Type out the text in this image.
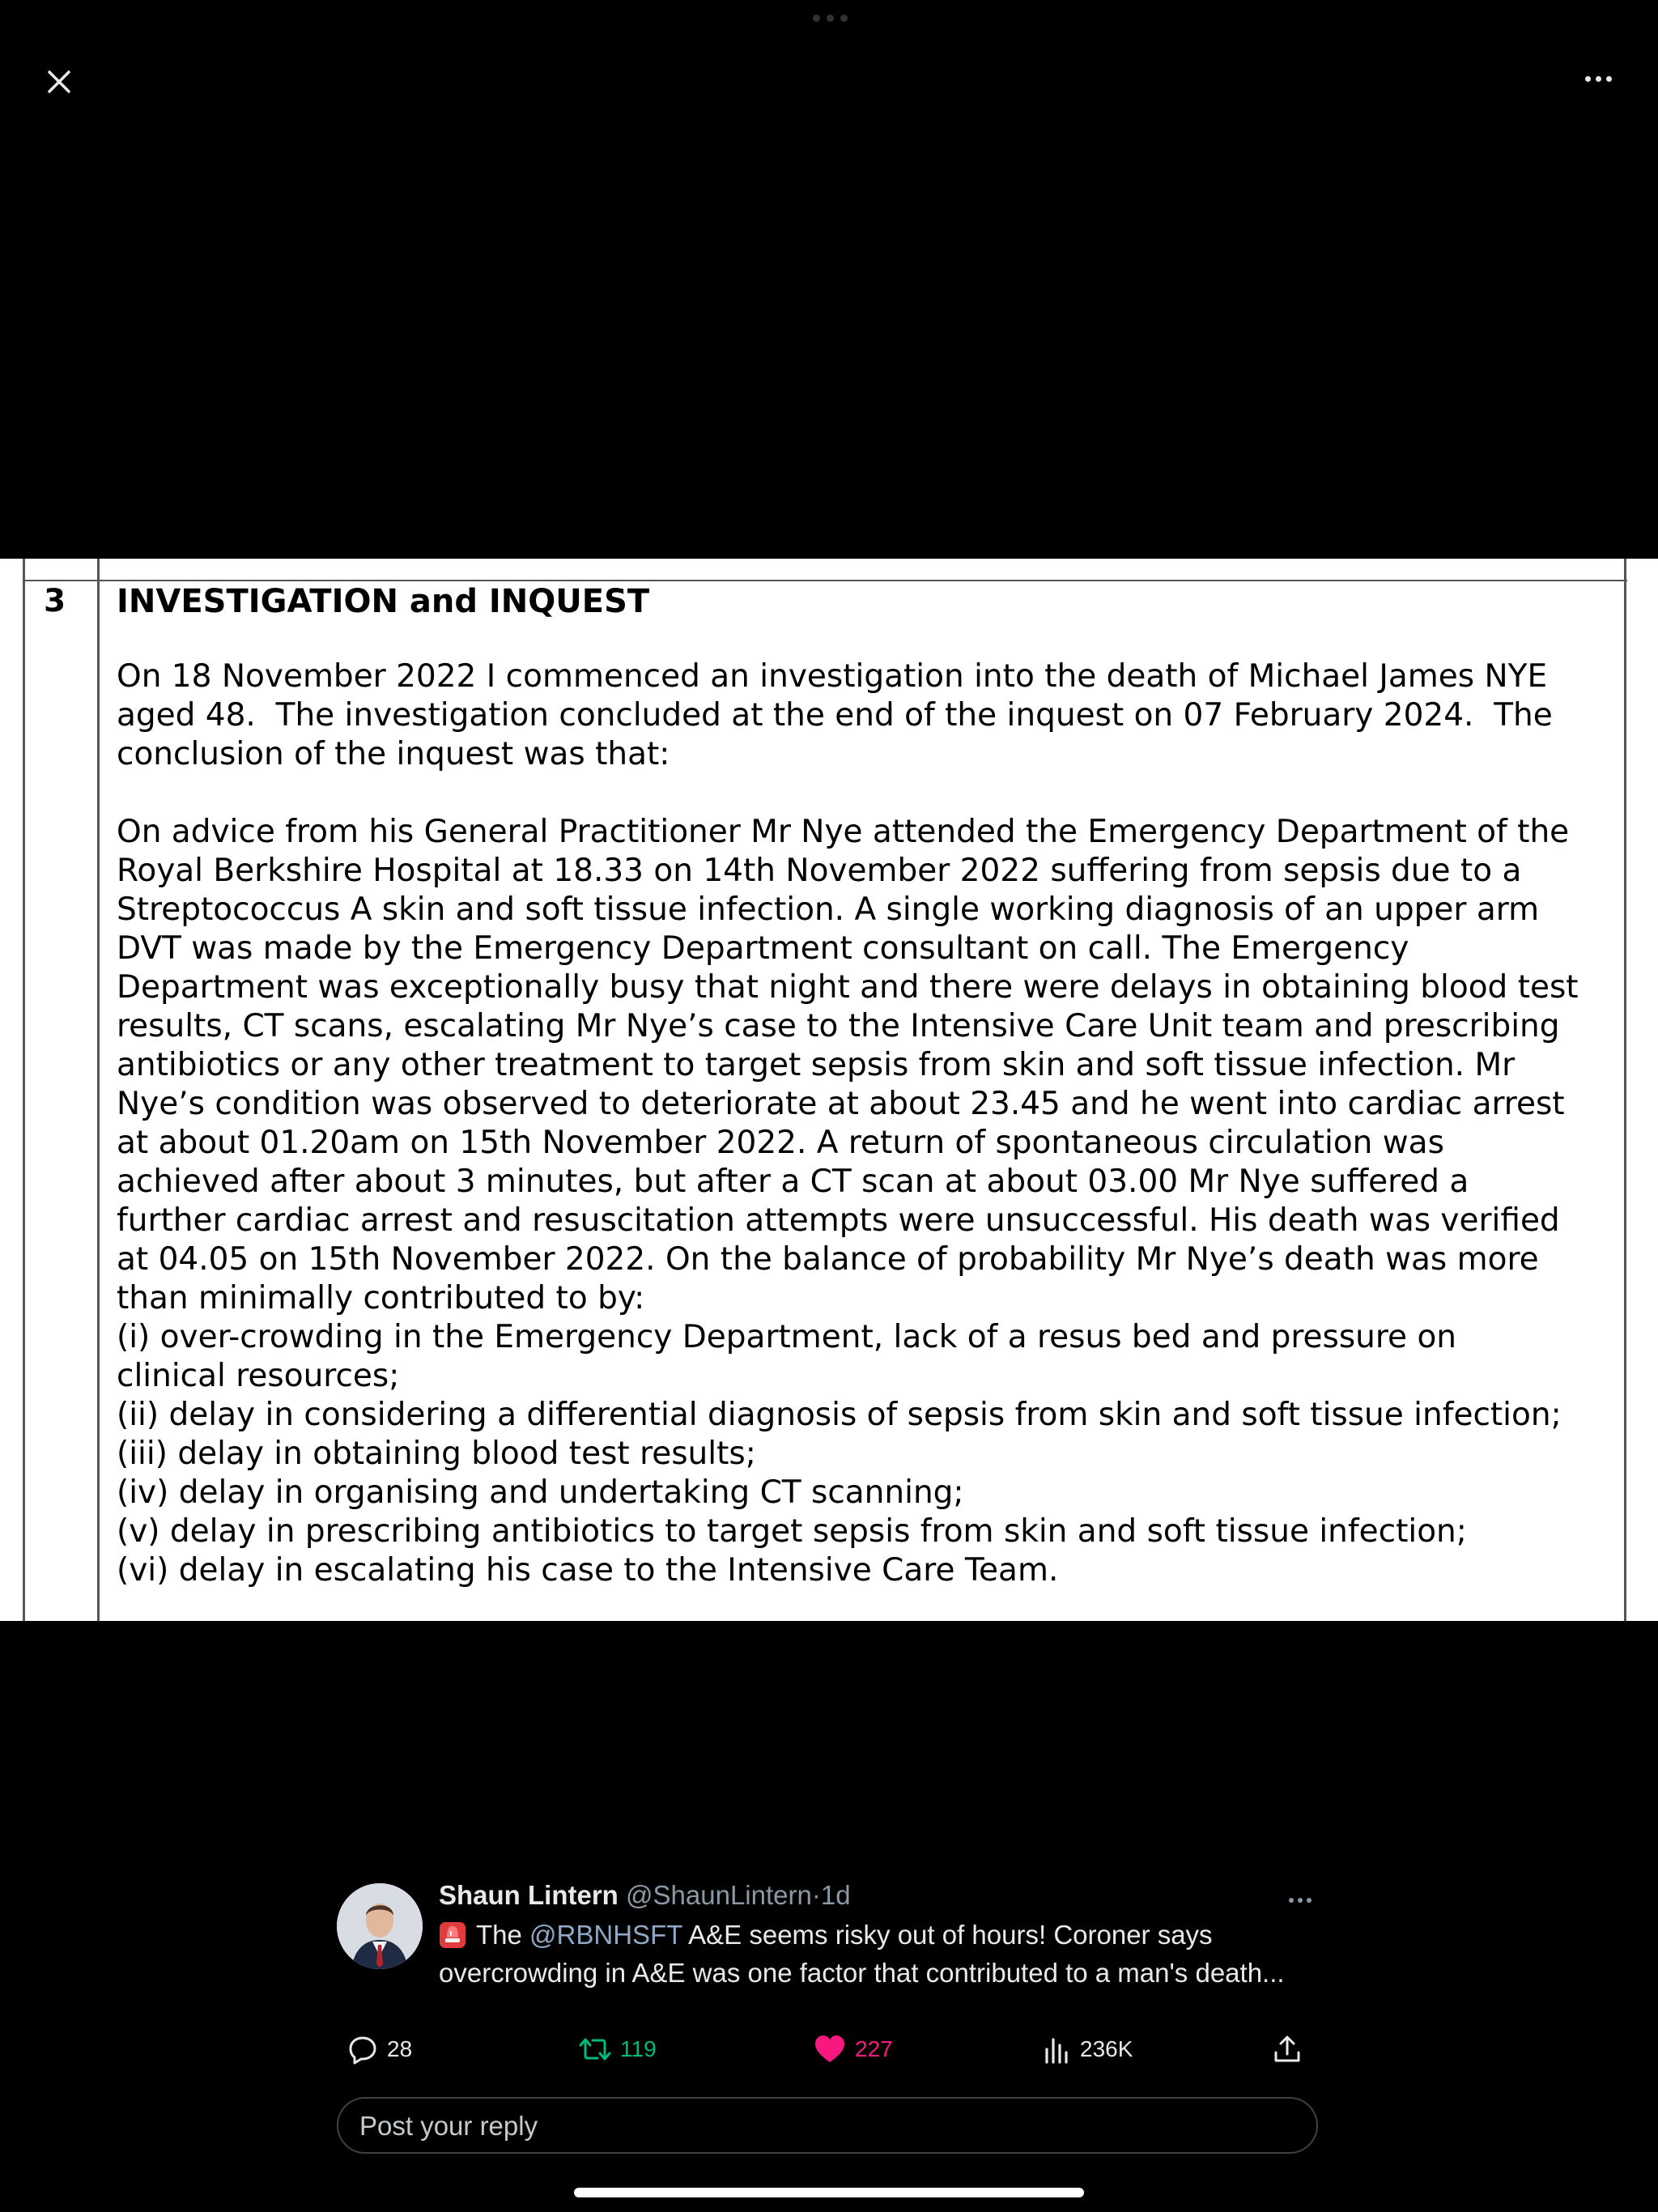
3 INVESTIGATION and INQUEST

On 18 November 2022 I commenced an investigation into the death of Michael James NYE
aged 48.  The investigation concluded at the end of the inquest on 07 February 2024.  The
conclusion of the inquest was that:
On advice from his General Practitioner Mr Nye attended the Emergency Department of the
Royal Berkshire Hospital at 18.33 on 14th November 2022 suffering from sepsis due to a
Streptococcus A skin and soft tissue infection. A single working diagnosis of an upper arm
DVT was made by the Emergency Department consultant on call. The Emergency
Department was exceptionally busy that night and there were delays in obtaining blood test
results, CT scans, escalating Mr Nye’s case to the Intensive Care Unit team and prescribing
antibiotics or any other treatment to target sepsis from skin and soft tissue infection. Mr
Nye’s condition was observed to deteriorate at about 23.45 and he went into cardiac arrest
at about 01.20am on 15th November 2022. A return of spontaneous circulation was
achieved after about 3 minutes, but after a CT scan at about 03.00 Mr Nye suffered a
further cardiac arrest and resuscitation attempts were unsuccessful. His death was verified
at 04.05 on 15th November 2022. On the balance of probability Mr Nye’s death was more
than minimally contributed to by:
(i) over-crowding in the Emergency Department, lack of a resus bed and pressure on
clinical resources;
(ii) delay in considering a differential diagnosis of sepsis from skin and soft tissue infection;
(iii) delay in obtaining blood test results;
(iv) delay in organising and undertaking CT scanning;
(v) delay in prescribing antibiotics to target sepsis from skin and soft tissue infection;
(vi) delay in escalating his case to the Intensive Care Team.
Shaun Lintern @ShaunLintern·1d
The @RBNHSFT A&E seems risky out of hours! Coroner says overcrowding in A&E was one factor that contributed to a man's death...
28	119	227	236K
Post your reply
